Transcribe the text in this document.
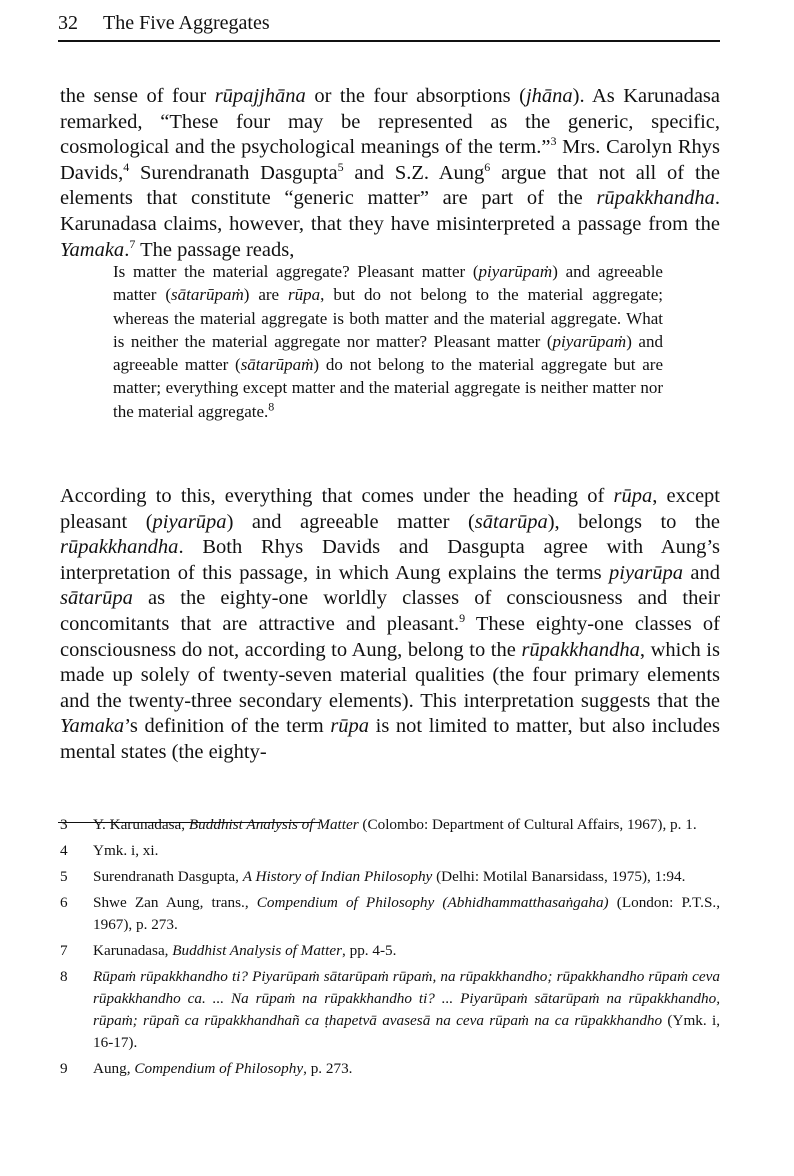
32 The Five Aggregates

the sense of four rūpajjhāna or the four absorptions (jhāna). As Karunadasa remarked, “These four may be represented as the generic, specific, cosmological and the psychological meanings of the term.”$^3$ Mrs. Carolyn Rhys Davids,$^4$ Surendranath Dasgupta$^5$ and S.Z. Aung$^6$ argue that not all of the elements that constitute “generic matter” are part of the rūpakkhandha. Karunadasa claims, however, that they have misinterpreted a passage from the Yamaka.$^7$ The passage reads,

Is matter the material aggregate? Pleasant matter (piyarūpaṁ) and agreeable matter (sātarūpaṁ) are rūpa, but do not belong to the material aggregate; whereas the material aggregate is both matter and the material aggregate. What is neither the material aggregate nor matter? Pleasant matter (piyarūpaṁ) and agreeable matter (sātarūpaṁ) do not belong to the material aggregate but are matter; everything except matter and the material aggregate is neither matter nor the material aggregate.$^8$

According to this, everything that comes under the heading of rūpa, except pleasant (piyarūpa) and agreeable matter (sātarūpa), belongs to the rūpakkhandha. Both Rhys Davids and Dasgupta agree with Aung’s interpretation of this passage, in which Aung explains the terms piyarūpa and sātarūpa as the eighty-one worldly classes of consciousness and their concomitants that are attractive and pleasant.$^9$ These eighty-one classes of consciousness do not, according to Aung, belong to the rūpakkhandha, which is made up solely of twenty-seven material qualities (the four primary elements and the twenty-three secondary elements). This interpretation suggests that the Yamaka’s definition of the term rūpa is not limited to matter, but also includes mental states (the eighty-

3 Y. Karunadasa, Buddhist Analysis of Matter (Colombo: Department of Cultural Affairs, 1967), p. 1.

4 Ymk. i, xi.

5 Surendranath Dasgupta, A History of Indian Philosophy (Delhi: Motilal Banarsidass, 1975), 1:94.

6 Shwe Zan Aung, trans., Compendium of Philosophy (Abhidhammatthasaṅgaha) (London: P.T.S., 1967), p. 273.

7 Karunadasa, Buddhist Analysis of Matter, pp. 4-5.

8 Rūpaṁ rūpakkhandho ti? Piyarūpaṁ sātarūpaṁ rūpaṁ, na rūpakkhandho; rūpakkhandho rūpaṁ ceva rūpakkhandho ca. ... Na rūpaṁ na rūpakkhandho ti? ... Piyarūpaṁ sātarūpaṁ na rūpakkhandho, rūpaṁ; rūpañ ca rūpakkhandhañ ca ṭhapetvā avasesā na ceva rūpaṁ na ca rūpakkhandho (Ymk. i, 16-17).

9 Aung, Compendium of Philosophy, p. 273.
